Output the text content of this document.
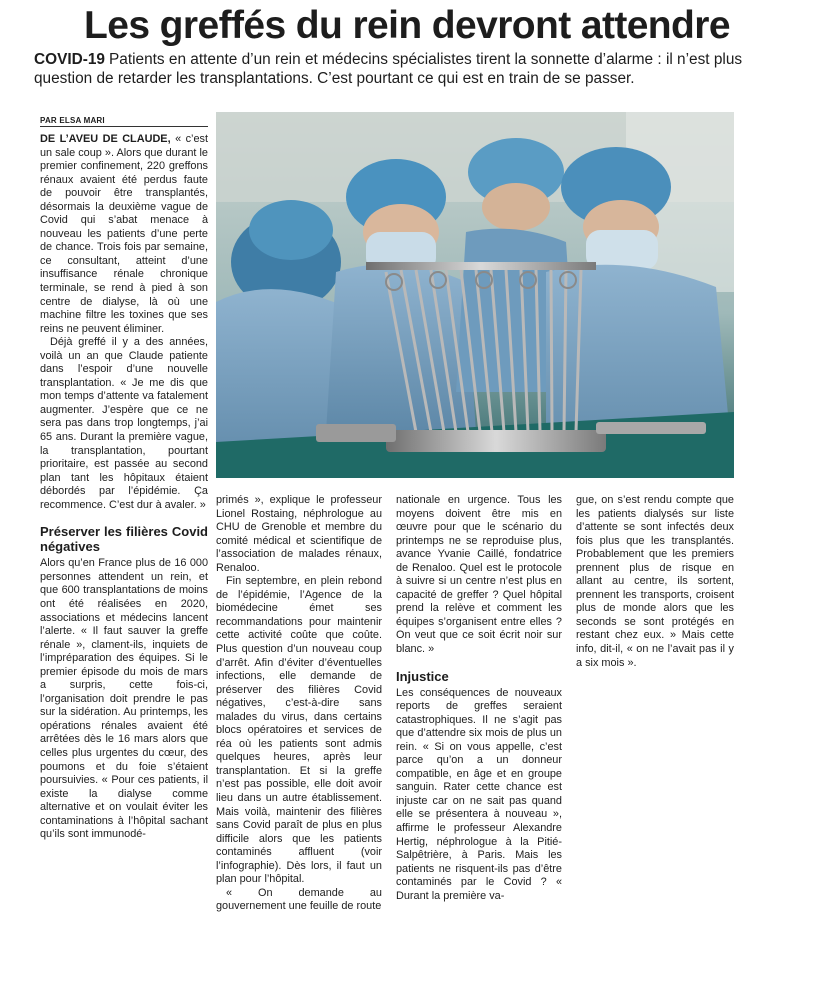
Les greffés du rein devront attendre
COVID-19 Patients en attente d’un rein et médecins spécialistes tirent la sonnette d’alarme : il n’est plus question de retarder les transplantations. C’est pourtant ce qui est en train de se passer.
PAR ELSA MARI

DE L’AVEU DE CLAUDE, « c’est un sale coup ». Alors que durant le premier confinement, 220 greffons rénaux avaient été perdus faute de pouvoir être transplantés, désormais la deuxième vague de Covid qui s’abat menace à nouveau les patients d’une perte de chance. Trois fois par semaine, ce consultant, atteint d’une insuffisance rénale chronique terminale, se rend à pied à son centre de dialyse, là où une machine filtre les toxines que ses reins ne peuvent éliminer.

Déjà greffé il y a des années, voilà un an que Claude patiente dans l’espoir d’une nouvelle transplantation. « Je me dis que mon temps d’attente va fatalement augmenter. J’espère que ce ne sera pas dans trop longtemps, j’ai 65 ans. Durant la première vague, la transplantation, pourtant prioritaire, est passée au second plan tant les hôpitaux étaient débordés par l’épidémie. Ça recommence. C’est dur à avaler. »

Préserver les filières Covid négatives

Alors qu’en France plus de 16 000 personnes attendent un rein, et que 600 transplantations de moins ont été réalisées en 2020, associations et médecins lancent l’alerte. « Il faut sauver la greffe rénale », clament-ils, inquiets de l’impréparation des équipes. Si le premier épisode du mois de mars a surpris, cette fois-ci, l’organisation doit prendre le pas sur la sidération. Au printemps, les opérations rénales avaient été arrêtées dès le 16 mars alors que celles plus urgentes du cœur, des poumons et du foie s’étaient poursuivies. « Pour ces patients, il existe la dialyse comme alternative et on voulait éviter les contaminations à l’hôpital sachant qu’ils sont immunodé-

primés », explique le professeur Lionel Rostaing, néphrologue au CHU de Grenoble et membre du comité médical et scientifique de l’association de malades rénaux, Renaloo.

Fin septembre, en plein rebond de l’épidémie, l’Agence de la biomédecine émet ses recommandations pour maintenir cette activité coûte que coûte. Plus question d’un nouveau coup d’arrêt. Afin d’éviter d’éventuelles infections, elle demande de préserver des filières Covid négatives, c’est-à-dire sans malades du virus, dans certains blocs opératoires et services de réa où les patients sont admis quelques heures, après leur transplantation. Et si la greffe n’est pas possible, elle doit avoir lieu dans un autre établissement. Mais voilà, maintenir des filières sans Covid paraît de plus en plus difficile alors que les patients contaminés affluent (voir l’infographie). Dès lors, il faut un plan pour l’hôpital.

« On demande au gouvernement une feuille de route

nationale en urgence. Tous les moyens doivent être mis en œuvre pour que le scénario du printemps ne se reproduise plus, avance Yvanie Caillé, fondatrice de Renaloo. Quel est le protocole à suivre si un centre n’est plus en capacité de greffer ? Quel hôpital prend la relève et comment les équipes s’organisent entre elles ? On veut que ce soit écrit noir sur blanc. »

Injustice

Les conséquences de nouveaux reports de greffes seraient catastrophiques. Il ne s’agit pas que d’attendre six mois de plus un rein. « Si on vous appelle, c’est parce qu’on a un donneur compatible, en âge et en groupe sanguin. Rater cette chance est injuste car on ne sait pas quand elle se présentera à nouveau », affirme le professeur Alexandre Hertig, néphrologue à la Pitié-Salpêtrière, à Paris. Mais les patients ne risquent-ils pas d’être contaminés par le Covid ? « Durant la première va-

gue, on s’est rendu compte que les patients dialysés sur liste d’attente se sont infectés deux fois plus que les transplantés. Probablement que les premiers prennent plus de risque en allant au centre, ils sortent, prennent les transports, croisent plus de monde alors que les seconds se sont protégés en restant chez eux. » Mais cette info, dit-il, « on ne l’avait pas il y a six mois ».
